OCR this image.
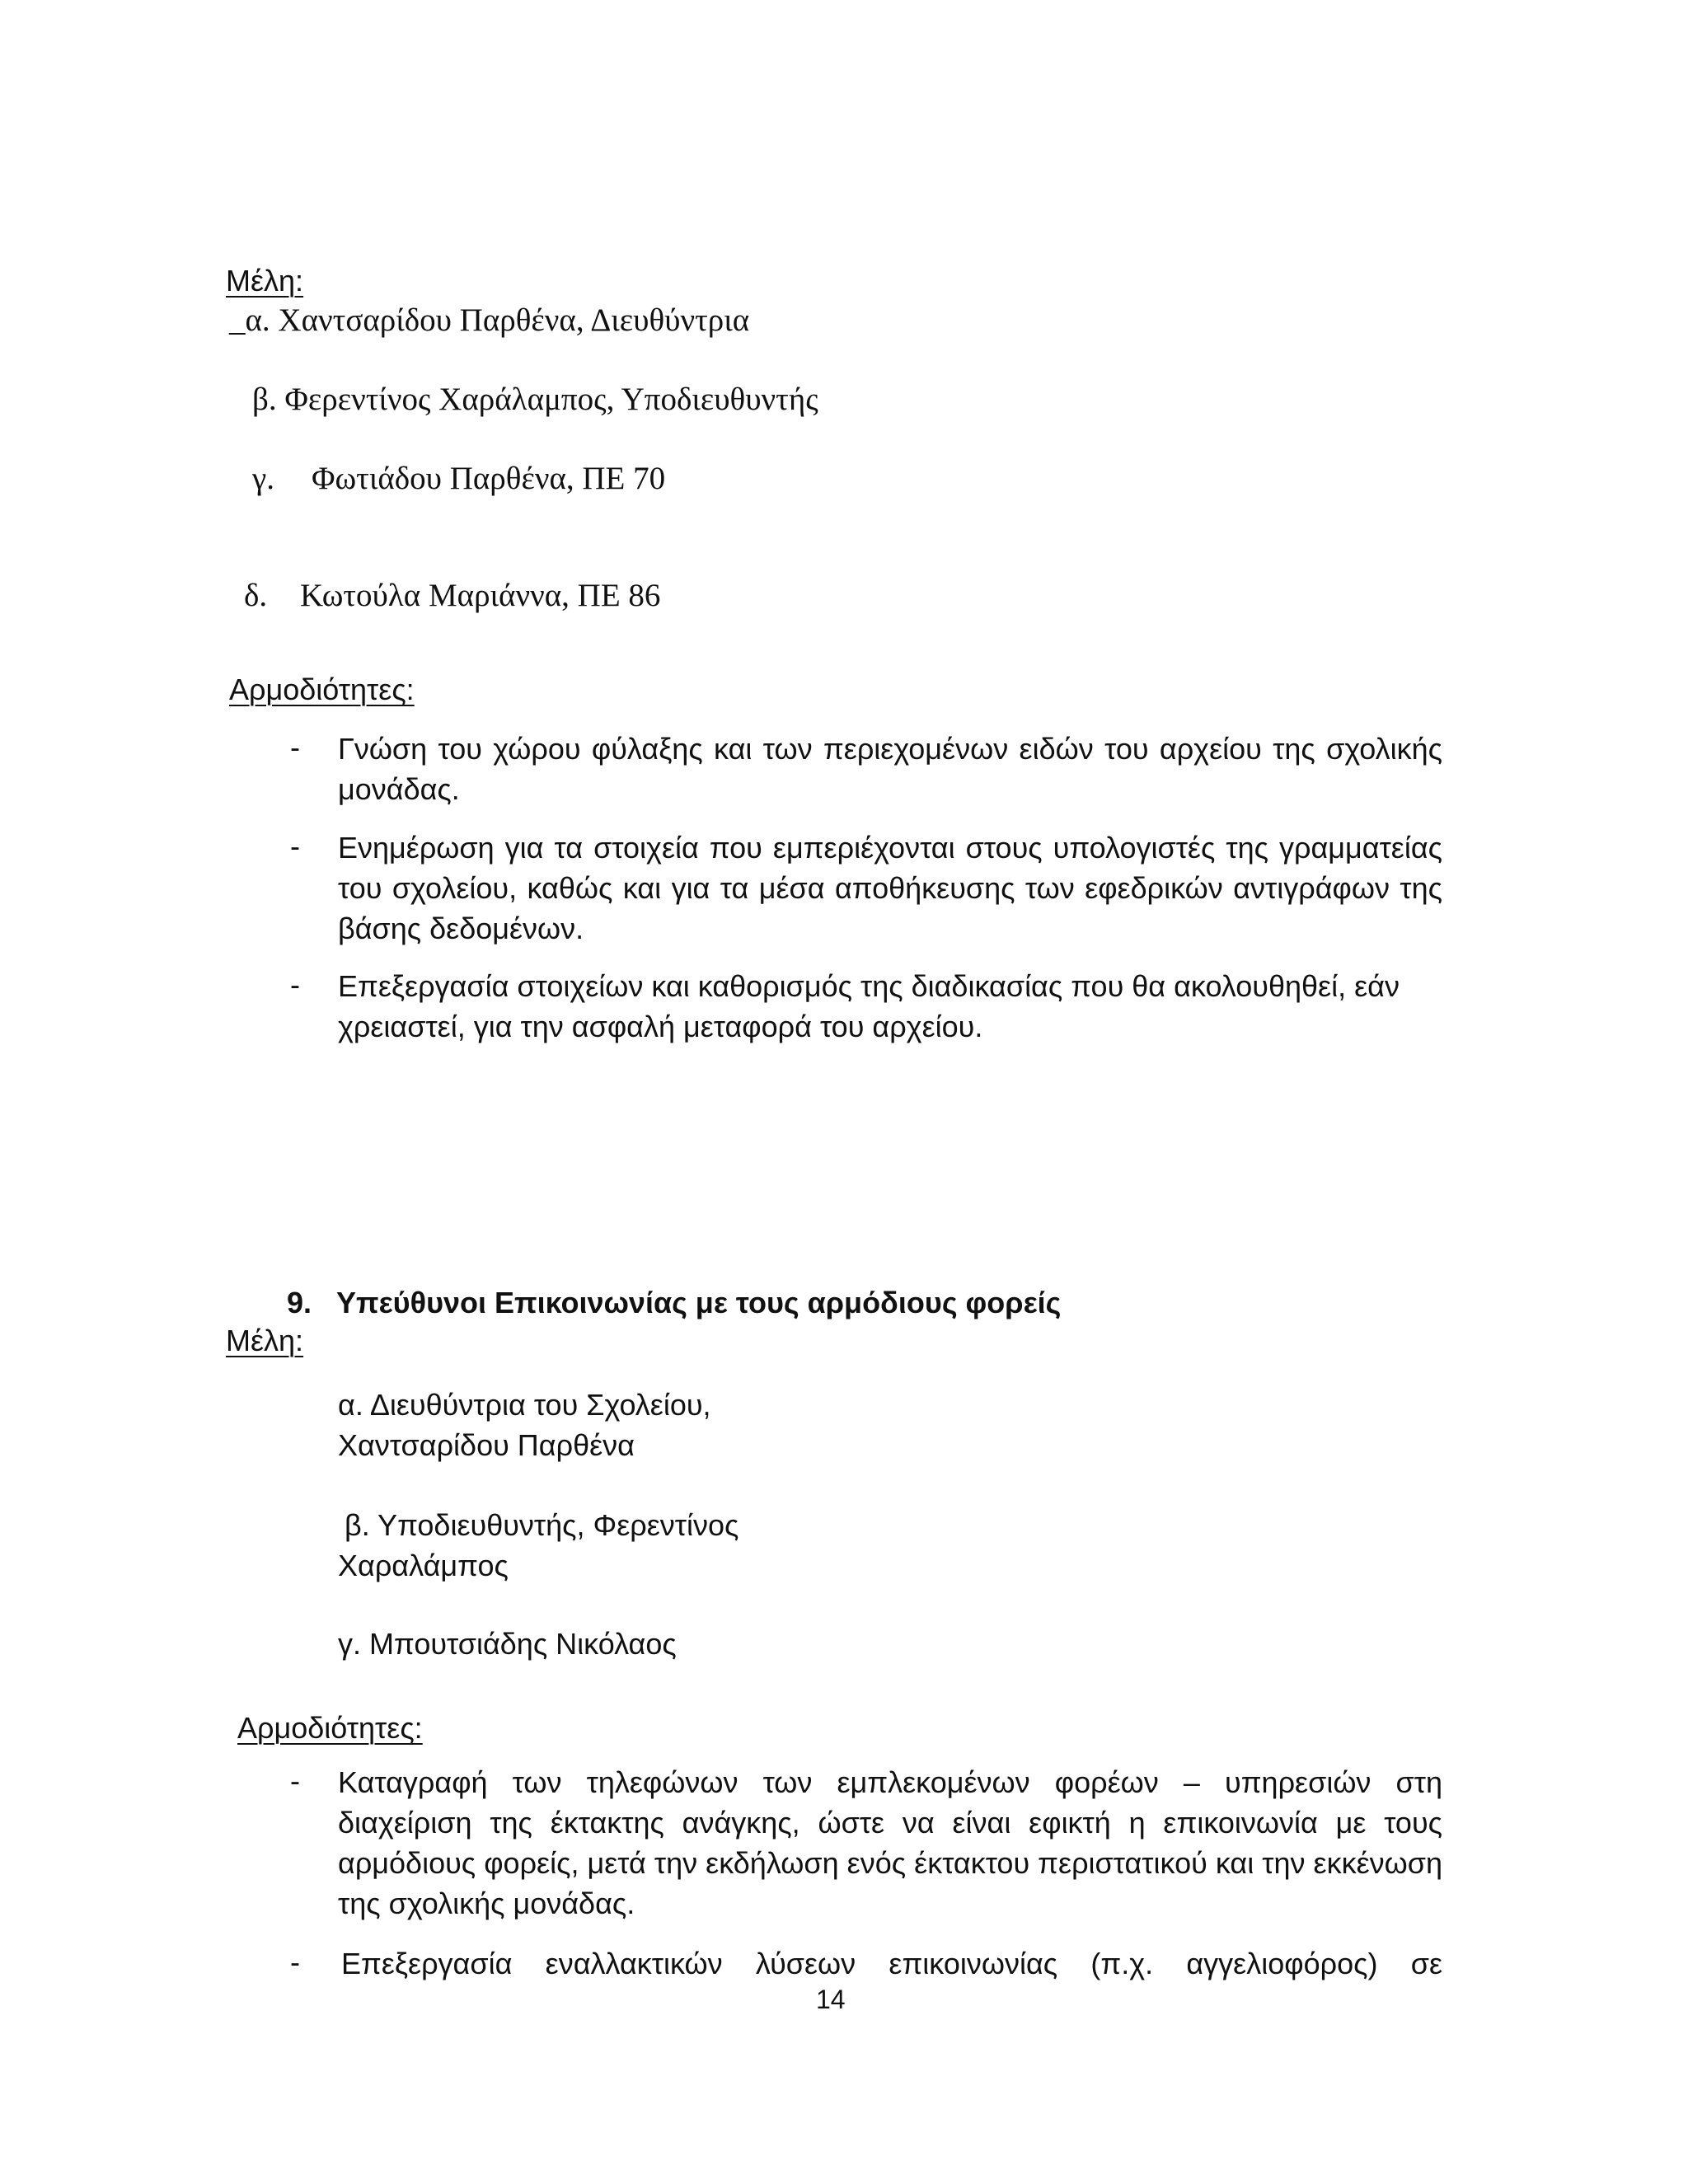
Μέλη:
_α. Χαντσαρίδου Παρθένα, Διευθύντρια
β. Φερεντίνος Χαράλαμπος, Υποδιευθυντής
γ. Φωτιάδου Παρθένα, ΠΕ 70
δ. Κωτούλα Μαριάννα, ΠΕ 86
Αρμοδιότητες:
- Γνώση του χώρου φύλαξης και των περιεχομένων ειδών του αρχείου της σχολικής μονάδας.
- Ενημέρωση για τα στοιχεία που εμπεριέχονται στους υπολογιστές της γραμματείας του σχολείου, καθώς και για τα μέσα αποθήκευσης των εφεδρικών αντιγράφων της βάσης δεδομένων.
- Επεξεργασία στοιχείων και καθορισμός της διαδικασίας που θα ακολουθηθεί, εάν χρειαστεί, για την ασφαλή μεταφορά του αρχείου.
9. Υπεύθυνοι Επικοινωνίας με τους αρμόδιους φορείς
Μέλη:
α. Διευθύντρια του Σχολείου,
Χαντσαρίδου Παρθένα
β. Υποδιευθυντής, Φερεντίνος
Χαραλάμπος
γ. Μπουτσιάδης Νικόλαος
Αρμοδιότητες:
- Καταγραφή των τηλεφώνων των εμπλεκομένων φορέων – υπηρεσιών στη διαχείριση της έκτακτης ανάγκης, ώστε να είναι εφικτή η επικοινωνία με τους αρμόδιους φορείς, μετά την εκδήλωση ενός έκτακτου περιστατικού και την εκκένωση της σχολικής μονάδας.
- Επεξεργασία εναλλακτικών λύσεων επικοινωνίας (π.χ. αγγελιοφόρος) σε
14
